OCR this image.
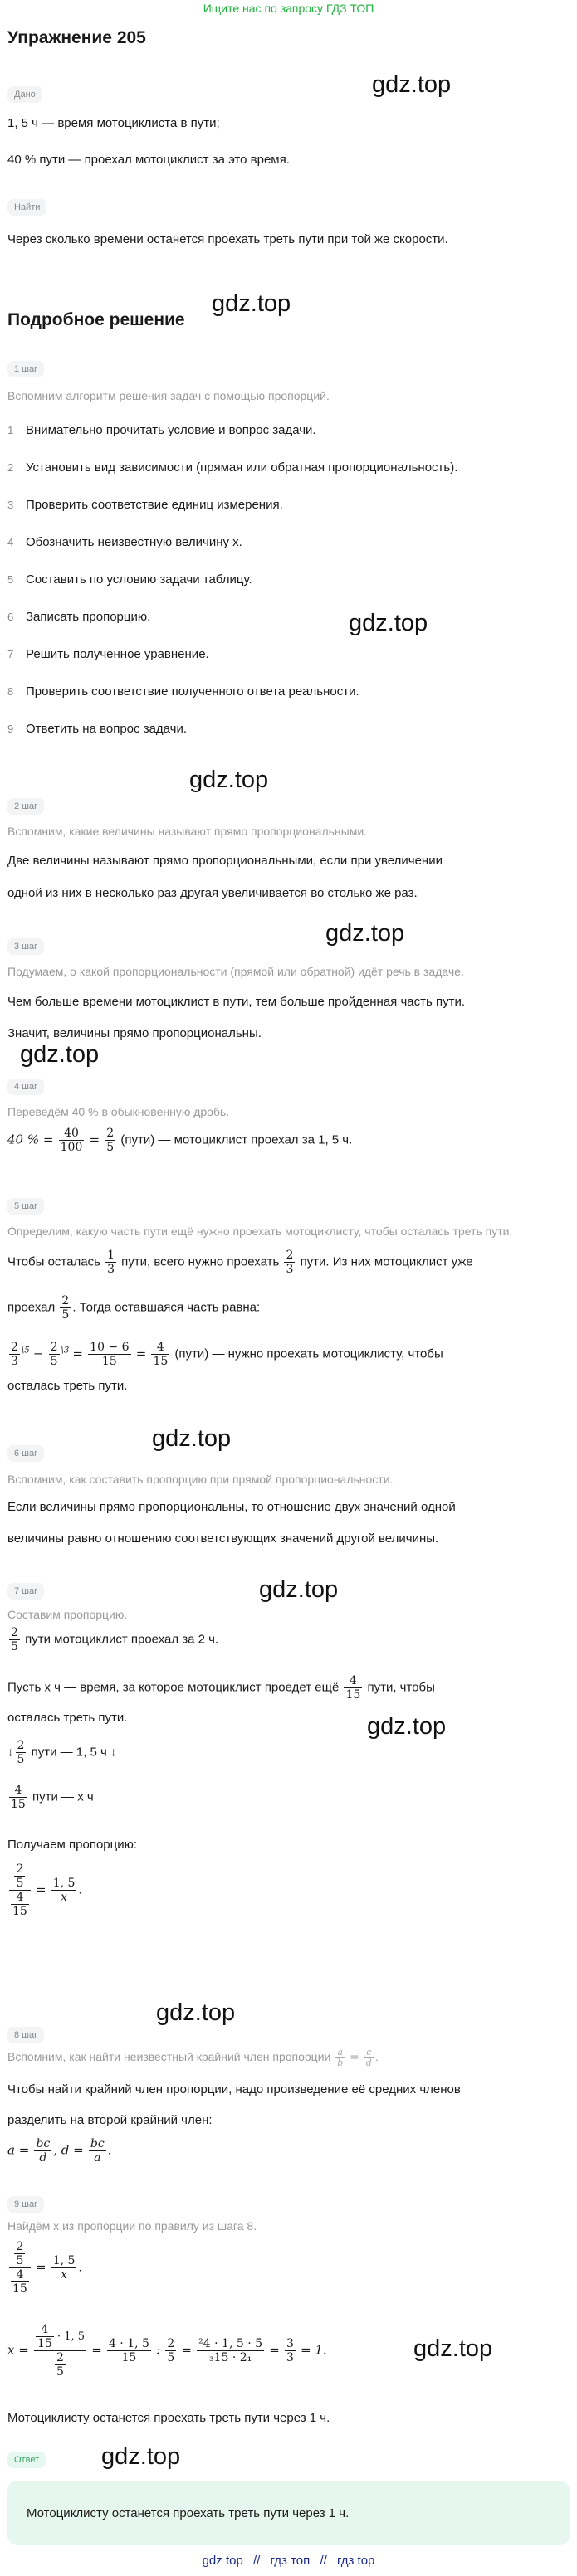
Ищите нас по запросу ГДЗ ТОП
Упражнение 205
gdz.top
gdz.top
gdz.top
gdz.top
gdz.top
gdz.top
gdz.top
gdz.top
gdz.top
gdz.top
gdz.top
gdz.top
Дано
1, 5 ч — время мотоциклиста в пути;
40 % пути — проехал мотоциклист за это время.
Найти
Через сколько времени останется проехать треть пути при той же скорости.
Подробное решение
1 шаг
Вспомним алгоритм решения задач с помощью пропорций.
1 Внимательно прочитать условие и вопрос задачи.
2 Установить вид зависимости (прямая или обратная пропорциональность).
3 Проверить соответствие единиц измерения.
4 Обозначить неизвестную величину x.
5 Составить по условию задачи таблицу.
6 Записать пропорцию.
7 Решить полученное уравнение.
8 Проверить соответствие полученного ответа реальности.
9 Ответить на вопрос задачи.
2 шаг
Вспомним, какие величины называют прямо пропорциональными.
Две величины называют прямо пропорциональными, если при увеличении
одной из них в несколько раз другая увеличивается во столько же раз.
3 шаг
Подумаем, о какой пропорциональности (прямой или обратной) идёт речь в задаче.
Чем больше времени мотоциклист в пути, тем больше пройденная часть пути.
Значит, величины прямо пропорциональны.
4 шаг
Переведём 40 % в обыкновенную дробь.
40 % = $\frac{40}{100} = \frac{2}{5}$ (пути) — мотоциклист проехал за 1, 5 ч.
5 шаг
Определим, какую часть пути ещё нужно проехать мотоциклисту, чтобы осталась треть пути.
Чтобы осталась $\frac{1}{3}$ пути, всего нужно проехать $\frac{2}{3}$ пути. Из них мотоциклист уже
проехал $\frac{2}{5}$ . Тогда оставшаяся часть равна:
$\frac{2}{3} ^{\backslash 5} - \frac{2}{5} ^{\backslash 3} = \frac{10 - 6}{15} = \frac{4}{15}$ (пути) — нужно проехать мотоциклисту, чтобы
осталась треть пути.
6 шаг
Вспомним, как составить пропорцию при прямой пропорциональности.
Если величины прямо пропорциональны, то отношение двух значений одной
величины равно отношению соответствующих значений другой величины.
7 шаг
Составим пропорцию.
$\frac{2}{5}$ пути мотоциклист проехал за 2 ч.
Пусть x ч — время, за которое мотоциклист проедет ещё $\frac{4}{15}$ пути, чтобы
осталась треть пути.
↓ $\frac{2}{5}$ пути — 1, 5 ч ↓
$\frac{4}{15}$ пути — x ч
Получаем пропорцию:
$\frac{\frac{2}{5}}{\frac{4}{15}} = \frac{1, 5}{x}$ .
8 шаг
Вспомним, как найти неизвестный крайний член пропорции $\frac{a}{b} = \frac{c}{d}$ .
Чтобы найти крайний член пропорции, надо произведение её средних членов
разделить на второй крайний член:
$a = \frac{bc}{d}$ , $d = \frac{bc}{a}$ .
9 шаг
Найдём x из пропорции по правилу из шага 8.
$\frac{\frac{2}{5}}{\frac{4}{15}} = \frac{1, 5}{x}$ .
$x = \frac{\frac{4}{15} \cdot 1, 5}{\frac{2}{5}} = \frac{4 \cdot 1, 5}{15}$ : $\frac{2}{5} = \frac{\text{²4 · 1, 5 · 5}}{\text{₃15 · 2₁}} = \frac{3}{3} = 1$.
Мотоциклисту останется проехать треть пути через 1 ч.
Ответ
Мотоциклисту останется проехать треть пути через 1 ч.
gdz top // гдз топ // гдз top
